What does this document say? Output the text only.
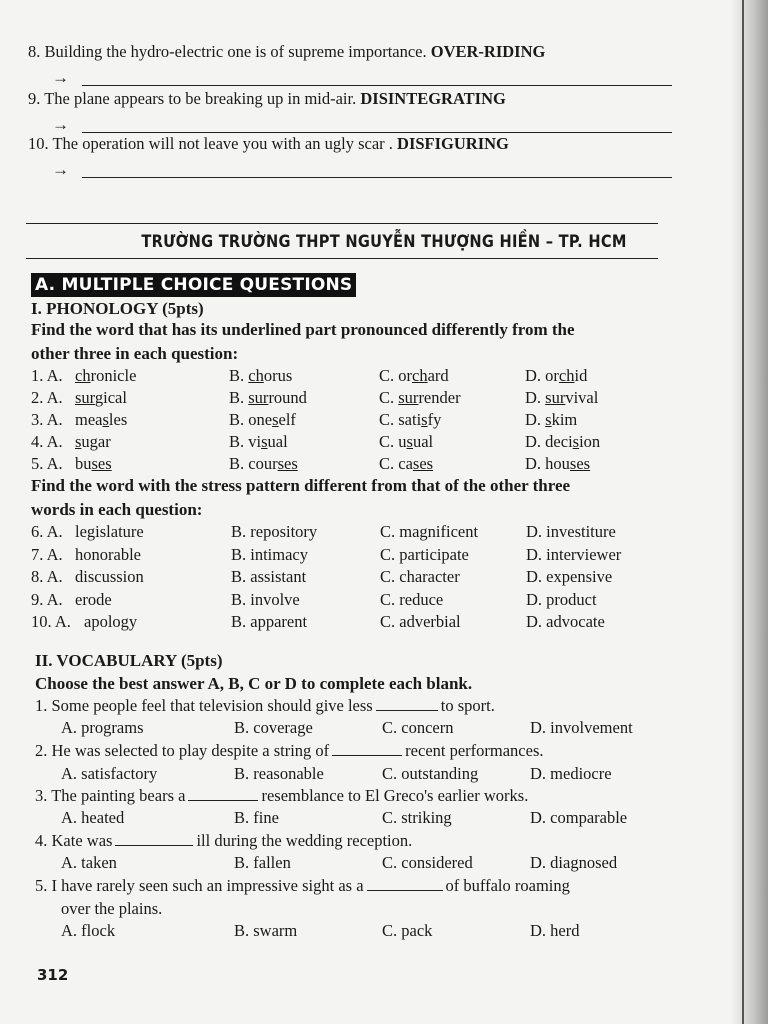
8. Building the hydro-electric one is of supreme importance. OVER-RIDING
→
9. The plane appears to be breaking up in mid-air. DISINTEGRATING
→
10. The operation will not leave you with an ugly scar . DISFIGURING
→
TRƯỜNG TRƯỜNG THPT NGUYỄN THƯỢNG HIỀN – TP. HCM
A. MULTIPLE CHOICE QUESTIONS
I. PHONOLOGY (5pts)
Find the word that has its underlined part pronounced differently from the
other three in each question:
1. A. chronicle	B. chorus	C. orchard	D. orchid
2. A. surgical	B. surround	C. surrender	D. survival
3. A. measles	B. oneself	C. satisfy	D. skim
4. A. sugar	B. visual	C. usual	D. decision
5. A. buses	B. courses	C. cases	D. houses
Find the word with the stress pattern different from that of the other three
words in each question:
6. A. legislature	B. repository	C. magnificent	D. investiture
7. A. honorable	B. intimacy	C. participate	D. interviewer
8. A. discussion	B. assistant	C. character	D. expensive
9. A. erode	B. involve	C. reduce	D. product
10. A. apology	B. apparent	C. adverbial	D. advocate
II. VOCABULARY (5pts)
Choose the best answer A, B, C or D to complete each blank.
1. Some people feel that television should give less	to sport.
A. programs	B. coverage	C. concern	D. involvement
2. He was selected to play despite a string of	recent performances.
A. satisfactory	B. reasonable	C. outstanding	D. mediocre
3. The painting bears a	resemblance to El Greco's earlier works.
A. heated	B. fine	C. striking	D. comparable
4. Kate was	ill during the wedding reception.
A. taken	B. fallen	C. considered	D. diagnosed
5. I have rarely seen such an impressive sight as a	of buffalo roaming
over the plains.
A. flock	B. swarm	C. pack	D. herd
312
